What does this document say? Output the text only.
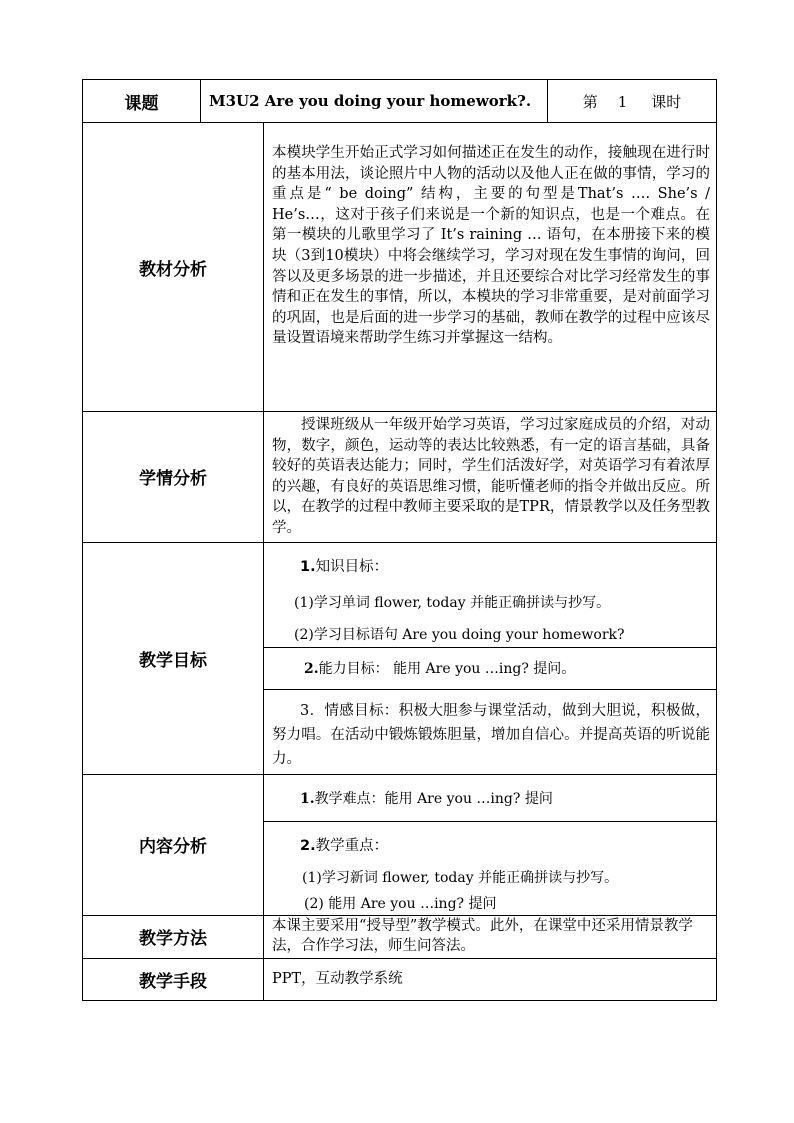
课题	M3U2 Are you doing your homework?.		第 1 课时
教材分析		本模块学生开始正式学习如何描述正在发生的动作，接触现在进行时的基本用法，谈论照片中人物的活动以及他人正在做的事情，学习的重点是“ be doing” 结构，主要的句型是That’s …. She’s / He’s…，这对于孩子们来说是一个新的知识点，也是一个难点。在第一模块的儿歌里学习了 It’s raining … 语句，在本册接下来的模块（3到10模块）中将会继续学习，学习对现在发生事情的询问，回答以及更多场景的进一步描述，并且还要综合对比学习经常发生的事情和正在发生的事情，所以，本模块的学习非常重要，是对前面学习的巩固，也是后面的进一步学习的基础，教师在教学的过程中应该尽量设置语境来帮助学生练习并掌握这一结构。	
学情分析		授课班级从一年级开始学习英语，学习过家庭成员的介绍，对动物，数字，颜色，运动等的表达比较熟悉，有一定的语言基础，具备较好的英语表达能力；同时，学生们活泼好学，对英语学习有着浓厚的兴趣，有良好的英语思维习惯，能听懂老师的指令并做出反应。所以，在教学的过程中教师主要采取的是TPR，情景教学以及任务型教学。	
教学目标		1.知识目标：
(1)学习单词 flower, today 并能正确拼读与抄写。
(2)学习目标语句 Are you doing your homework?	

		2.能力目标： 能用 Are you …ing? 提问。	

		3．情感目标：积极大胆参与课堂活动，做到大胆说，积极做，努力唱。在活动中锻炼锻炼胆量，增加自信心。并提高英语的听说能力。	
内容分析		1.教学难点：能用 Are you …ing? 提问	

		2.教学重点：
(1)学习新词 flower, today 并能正确拼读与抄写。
(2) 能用 Are you …ing? 提问	

教学方法		本课主要采用“授导型”教学模式。此外，在课堂中还采用情景教学法，合作学习法，师生问答法。	
教学手段		PPT，互动教学系统	
